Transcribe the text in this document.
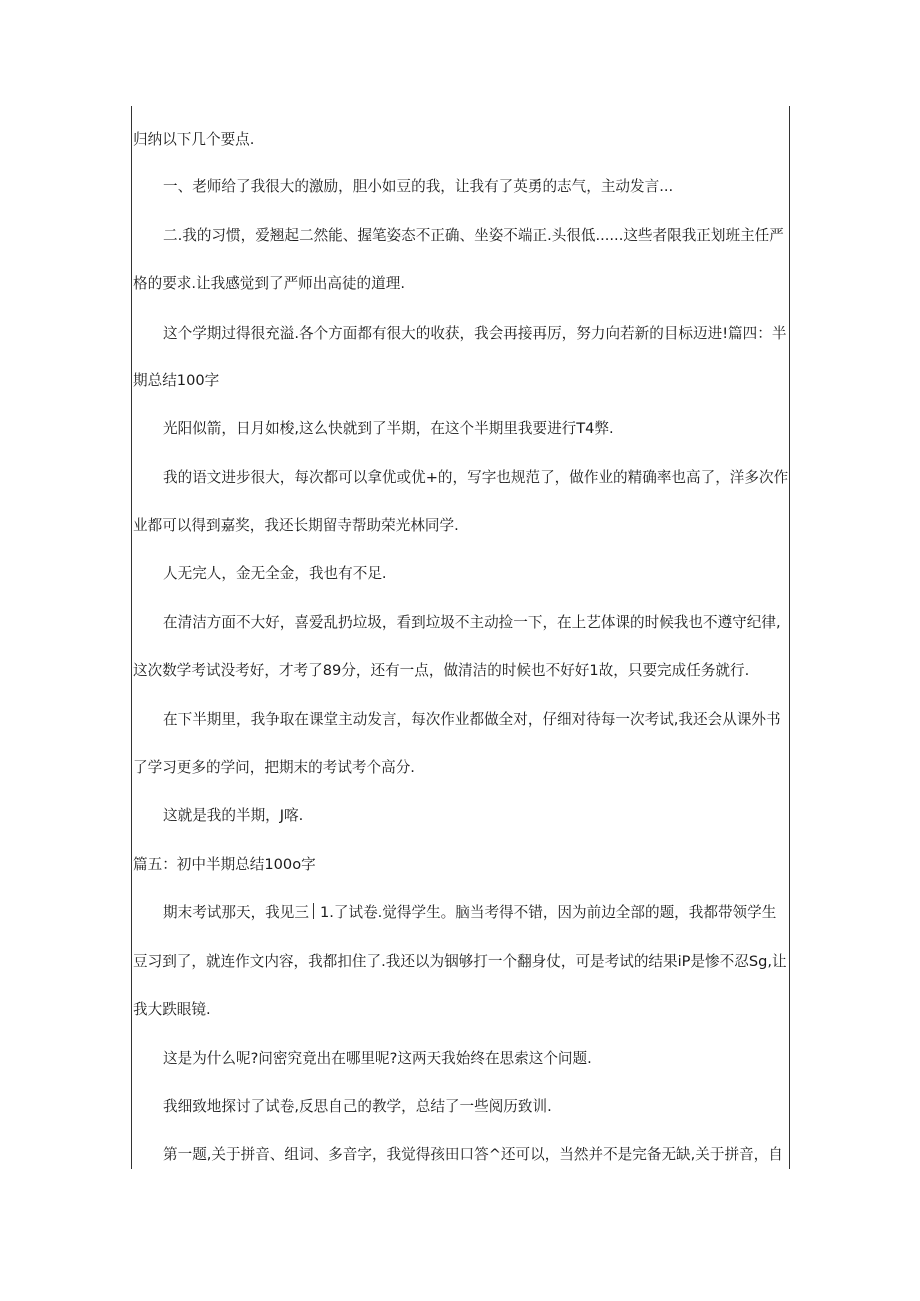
归纳以下几个要点.
一、老师给了我很大的激励，胆小如豆的我，让我有了英勇的志气，主动发言...
二.我的习惯，爱翘起二然能、握笔姿态不正确、坐姿不端正.头很低......这些者限我正划班主任严
格的要求.让我感觉到了严师出高徒的道理.
这个学期过得很充溢.各个方面都有很大的收获，我会再接再厉，努力向若新的目标迈进!篇四：半
期总结100字
光阳似箭，日月如梭,这么快就到了半期，在这个半期里我要进行T4弊.
我的语文进步很大，每次都可以拿优或优+的，写字也规范了，做作业的精确率也高了，洋多次作
业都可以得到嘉奖，我还长期留寺帮助荣光林同学.
人无完人，金无全金，我也有不足.
在清洁方面不大好，喜爱乱扔垃圾，看到垃圾不主动捡一下，在上艺体课的时候我也不遵守纪律,
这次数学考试没考好，才考了89分，还有一点，做清洁的时候也不好好1故，只要完成任务就行.
在下半期里，我争取在课堂主动发言，每次作业都做全对，仔细对待每一次考试,我还会从课外书
了学习更多的学问，把期末的考试考个高分.
这就是我的半期，J喀.
篇五：初中半期总结100o字
期末考试那天，我见三 1.了试卷.觉得学生。脑当考得不错，因为前边全部的题，我都带领学生
豆习到了，就连作文内容，我都扣住了.我还以为铟够打一个翻身仗，可是考试的结果iP是惨不忍Sg,让
我大跌眼镜.
这是为什么呢?问密究竟出在哪里呢?这两天我始终在思索这个问题.
我细致地探讨了试卷,反思自己的教学，总结了一些阅历致训.
第一题,关于拼音、组词、多音字，我觉得孩田口答^还可以，当然并不是完备无缺,关于拼音，自
